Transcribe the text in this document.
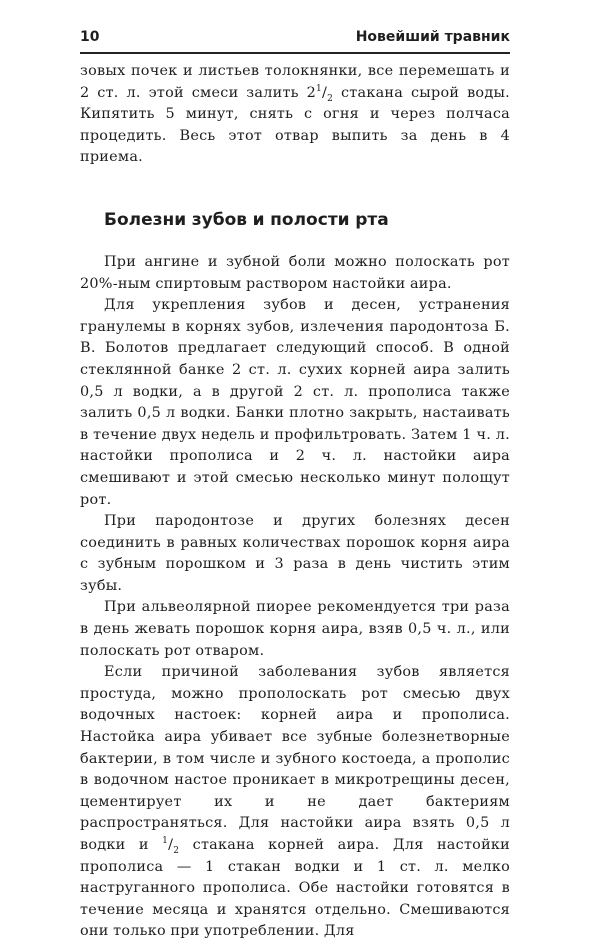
10	Новейший травник

зовых почек и листьев толокнянки, все перемешать и 2 ст. л. этой смеси залить $2^1/_2$ стакана сырой воды. Кипятить 5 минут, снять с огня и через полчаса процедить. Весь этот отвар выпить за день в 4 приема.

Болезни зубов и полости рта

При ангине и зубной боли можно полоскать рот 20%-ным спиртовым раствором настойки аира.

Для укрепления зубов и десен, устранения гранулемы в корнях зубов, излечения пародонтоза Б. В. Болотов предлагает следующий способ. В одной стеклянной банке 2 ст. л. сухих корней аира залить 0,5 л водки, а в другой 2 ст. л. прополиса также залить 0,5 л водки. Банки плотно закрыть, настаивать в течение двух недель и профильтровать. Затем 1 ч. л. настойки прополиса и 2 ч. л. настойки аира смешивают и этой смесью несколько минут полощут рот.

При пародонтозе и других болезнях десен соединить в равных количествах порошок корня аира с зубным порошком и 3 раза в день чистить этим зубы.

При альвеолярной пиорее рекомендуется три раза в день жевать порошок корня аира, взяв 0,5 ч. л., или полоскать рот отваром.

Если причиной заболевания зубов является простуда, можно прополоскать рот смесью двух водочных настоек: корней аира и прополиса. Настойка аира убивает все зубные болезнетворные бактерии, в том числе и зубного костоеда, а прополис в водочном настое проникает в микротрещины десен, цементирует их и не дает бактериям распространяться. Для настойки аира взять 0,5 л водки и $^1/_2$ стакана корней аира. Для настойки прополиса — 1 стакан водки и 1 ст. л. мелко наструганного прополиса. Обе настойки готовятся в течение месяца и хранятся отдельно. Смешиваются они только при употреблении. Для
